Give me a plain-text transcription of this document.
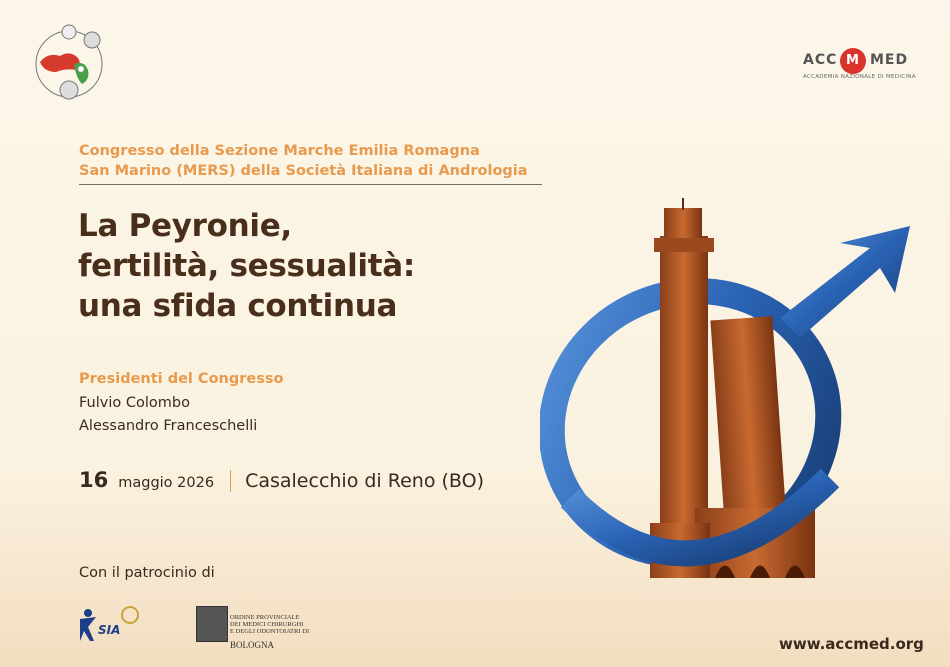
ACC M MED
ACCADEMIA NAZIONALE DI MEDICINA
Congresso della Sezione Marche Emilia Romagna
San Marino (MERS) della Società Italiana di Andrologia
La Peyronie,
fertilità, sessualità:
una sfida continua
Presidenti del Congresso
Fulvio Colombo
Alessandro Franceschelli
16 maggio 2026 Casalecchio di Reno (BO)
Con il patrocinio di
SIA

ORDINE PROVINCIALE
DEI MEDICI CHIRURGHI
E DEGLI ODONTOIATRI DI

BOLOGNA	www.accmed.org
